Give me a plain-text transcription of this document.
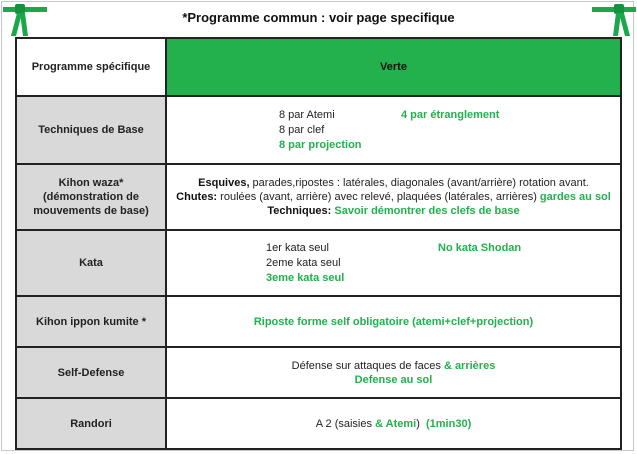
*Programme commun : voir page specifique
Programme spécifique	Verte
Techniques de Base	8 par Atemi 4 par étranglement
8 par clef
8 par projection

Kihon waza* (démonstration de mouvements de base)	Esquives, parades,ripostes : latérales, diagonales (avant/arrière) rotation avant.
Chutes: roulées (avant, arrière) avec relevé, plaquées (latérales, arrières) gardes au sol
Techniques: Savoir démontrer des clefs de base

Kata	1er kata seul No kata Shodan
2eme kata seul
3eme kata seul

Kihon ippon kumite *	Riposte forme self obligatoire (atemi+clef+projection)
Self-Defense	Défense sur attaques de faces & arrières
Defense au sol

Randori	A 2 (saisies & Atemi)  (1min30)
